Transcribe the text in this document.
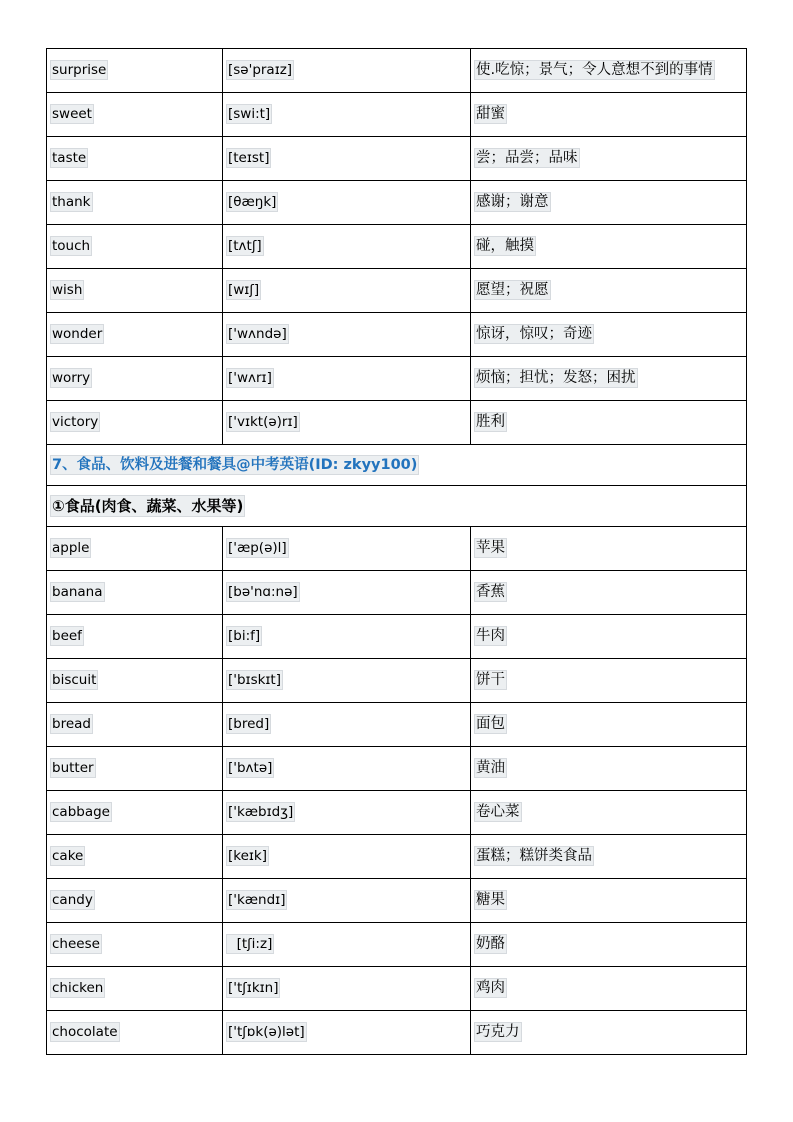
surprise	[sə'praɪz]	使.吃惊；景气；令人意想不到的事情
sweet	[swi:t]	甜蜜
taste	[teɪst]	尝；品尝；品味
thank	[θæŋk]	感谢；谢意
touch	[tʌtʃ]	碰，触摸
wish	[wɪʃ]	愿望；祝愿
wonder	['wʌndə]	惊讶，惊叹；奇迹
worry	['wʌrɪ]	烦恼；担忧；发怒；困扰
victory	['vɪkt(ə)rɪ]	胜利
7、食品、饮料及进餐和餐具@中考英语(ID: zkyy100)		
①食品(肉食、蔬菜、水果等)		
apple	['æp(ə)l]	苹果
banana	[bə'nɑ:nə]	香蕉
beef	[bi:f]	牛肉
biscuit	['bɪskɪt]	饼干
bread	[bred]	面包
butter	['bʌtə]	黄油
cabbage	['kæbɪdʒ]	卷心菜
cake	[keɪk]	蛋糕；糕饼类食品
candy	['kændɪ]	糖果
cheese	[tʃi:z]	奶酪
chicken	['tʃɪkɪn]	鸡肉
chocolate	['tʃɒk(ə)lət]	巧克力
